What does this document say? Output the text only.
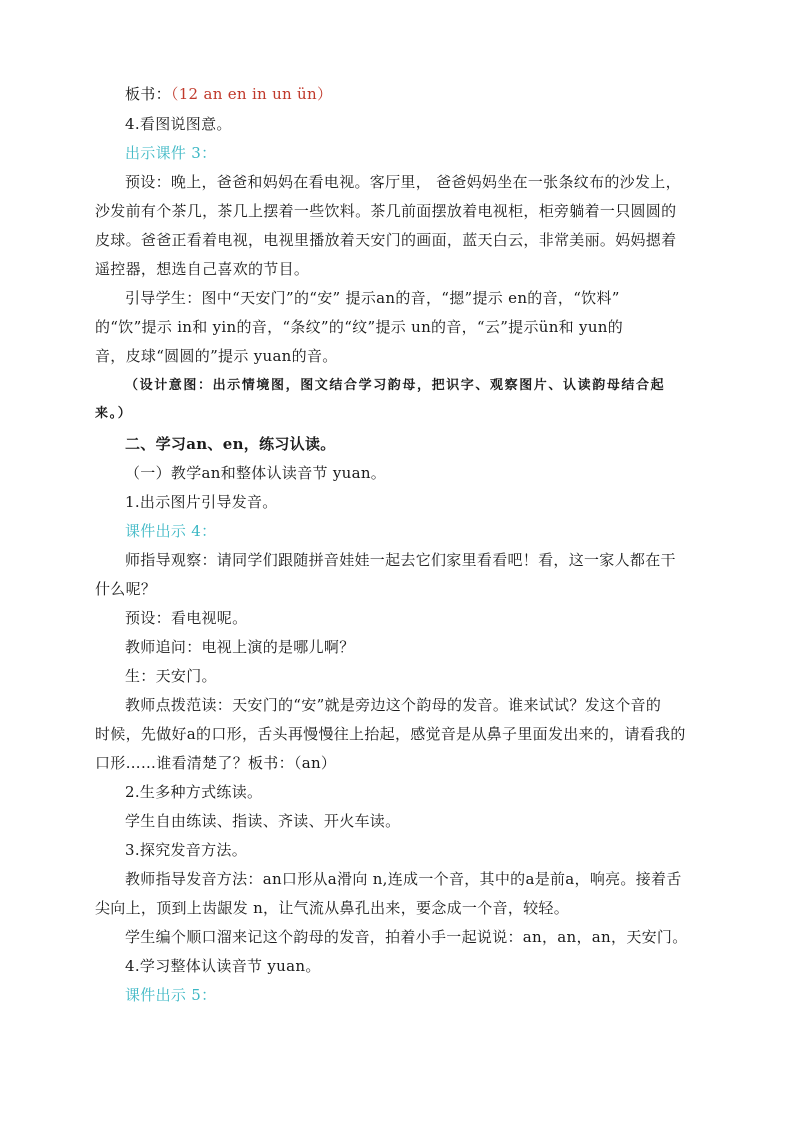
板书：（12 an en in un ün）
4.看图说图意。
出示课件 3：
预设：晚上，爸爸和妈妈在看电视。客厅里， 爸爸妈妈坐在一张条纹布的沙发上，
沙发前有个茶几，茶几上摆着一些饮料。茶几前面摆放着电视柜，柜旁躺着一只圆圆的
皮球。爸爸正看着电视，电视里播放着天安门的画面，蓝天白云，非常美丽。妈妈摁着
遥控器，想选自己喜欢的节目。
引导学生：图中“天安门”的“安” 提示an的音，“摁”提示 en的音，“饮料”
的“饮”提示 in和 yin的音，“条纹”的“纹”提示 un的音，“云”提示ün和 yun的
音，皮球“圆圆的”提示 yuan的音。
（设计意图：出示情境图，图文结合学习韵母，把识字、观察图片、认读韵母结合起
来。）
二、学习an、en，练习认读。
（一）教学an和整体认读音节 yuan。
1.出示图片引导发音。
课件出示 4：
师指导观察：请同学们跟随拼音娃娃一起去它们家里看看吧！看，这一家人都在干
什么呢？
预设：看电视呢。
教师追问：电视上演的是哪儿啊？
生：天安门。
教师点拨范读：天安门的“安”就是旁边这个韵母的发音。谁来试试？发这个音的
时候，先做好a的口形，舌头再慢慢往上抬起，感觉音是从鼻子里面发出来的，请看我的
口形……谁看清楚了？板书：（an）
2.生多种方式练读。
学生自由练读、指读、齐读、开火车读。
3.探究发音方法。
教师指导发音方法：an口形从a滑向 n,连成一个音，其中的a是前a，响亮。接着舌
尖向上，顶到上齿龈发 n，让气流从鼻孔出来，要念成一个音，较轻。
学生编个顺口溜来记这个韵母的发音，拍着小手一起说说：an，an，an，天安门。
4.学习整体认读音节 yuan。
课件出示 5：
